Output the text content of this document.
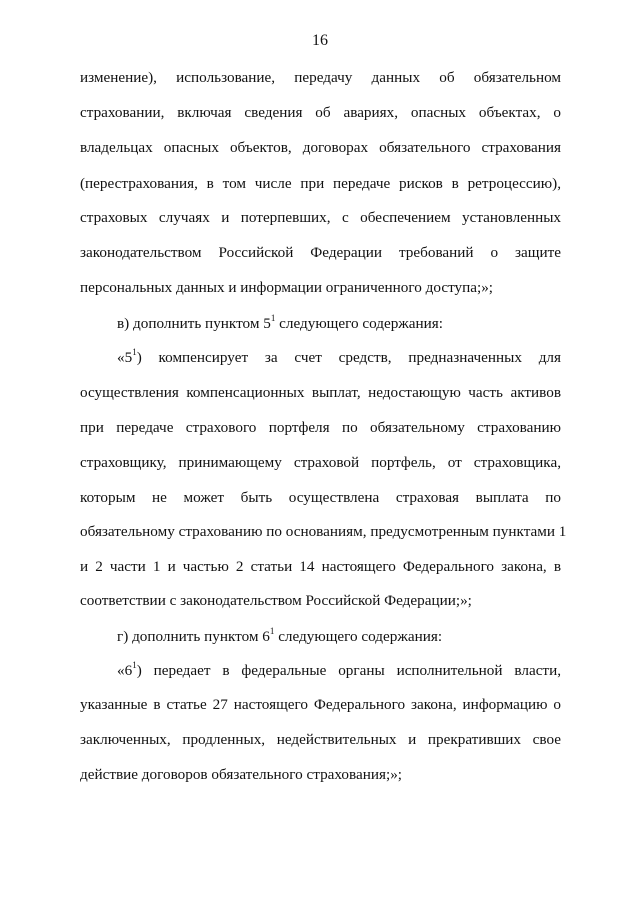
16
изменение), использование, передачу данных об обязательном
страховании, включая сведения об авариях, опасных объектах, о
владельцах опасных объектов, договорах обязательного страхования
(перестрахования, в том числе при передаче рисков в ретроцессию),
страховых случаях и потерпевших, с обеспечением установленных
законодательством Российской Федерации требований о защите
персональных данных и информации ограниченного доступа;»;
в) дополнить пунктом $5^1$ следующего содержания:
«$5^1$) компенсирует за счет средств, предназначенных для
осуществления компенсационных выплат, недостающую часть активов
при передаче страхового портфеля по обязательному страхованию
страховщику, принимающему страховой портфель, от страховщика,
которым не может быть осуществлена страховая выплата по
обязательному страхованию по основаниям, предусмотренным пунктами 1
и 2 части 1 и частью 2 статьи 14 настоящего Федерального закона, в
соответствии с законодательством Российской Федерации;»;
г) дополнить пунктом $6^1$ следующего содержания:
«$6^1$) передает в федеральные органы исполнительной власти,
указанные в статье 27 настоящего Федерального закона, информацию о
заключенных, продленных, недействительных и прекративших свое
действие договоров обязательного страхования;»;
